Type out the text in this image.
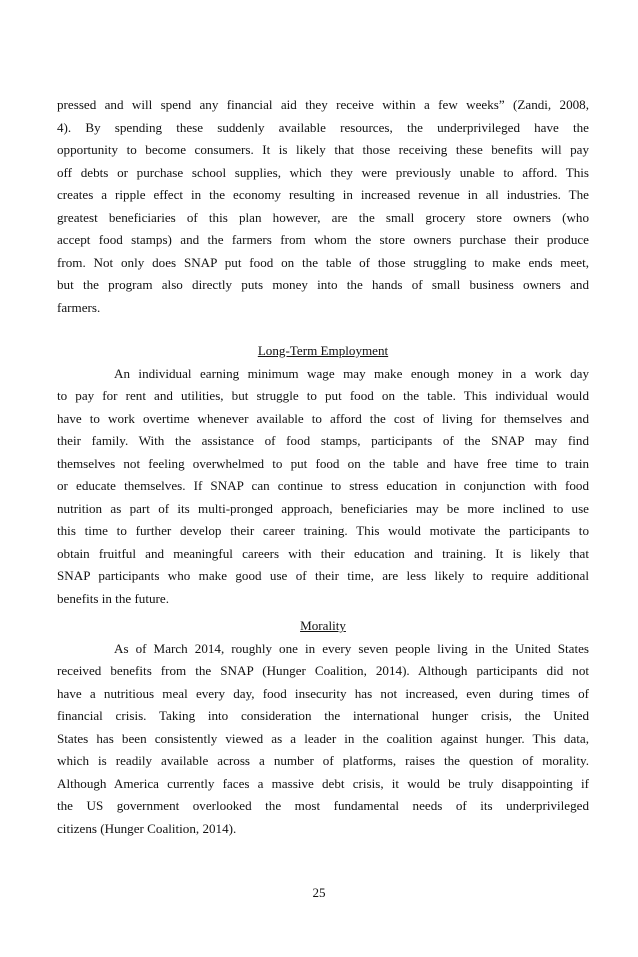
pressed and will spend any financial aid they receive within a few weeks” (Zandi, 2008,
4). By spending these suddenly available resources, the underprivileged have the
opportunity to become consumers. It is likely that those receiving these benefits will pay
off debts or purchase school supplies, which they were previously unable to afford. This
creates a ripple effect in the economy resulting in increased revenue in all industries. The
greatest beneficiaries of this plan however, are the small grocery store owners (who
accept food stamps) and the farmers from whom the store owners purchase their produce
from. Not only does SNAP put food on the table of those struggling to make ends meet,
but the program also directly puts money into the hands of small business owners and
farmers.
Long-Term Employment
An individual earning minimum wage may make enough money in a work day
to pay for rent and utilities, but struggle to put food on the table. This individual would
have to work overtime whenever available to afford the cost of living for themselves and
their family. With the assistance of food stamps, participants of the SNAP may find
themselves not feeling overwhelmed to put food on the table and have free time to train
or educate themselves. If SNAP can continue to stress education in conjunction with food
nutrition as part of its multi-pronged approach, beneficiaries may be more inclined to use
this time to further develop their career training. This would motivate the participants to
obtain fruitful and meaningful careers with their education and training. It is likely that
SNAP participants who make good use of their time, are less likely to require additional
benefits in the future.
Morality
As of March 2014, roughly one in every seven people living in the United States
received benefits from the SNAP (Hunger Coalition, 2014). Although participants did not
have a nutritious meal every day, food insecurity has not increased, even during times of
financial crisis. Taking into consideration the international hunger crisis, the United
States has been consistently viewed as a leader in the coalition against hunger. This data,
which is readily available across a number of platforms, raises the question of morality.
Although America currently faces a massive debt crisis, it would be truly disappointing if
the US government overlooked the most fundamental needs of its underprivileged
citizens (Hunger Coalition, 2014).
25
